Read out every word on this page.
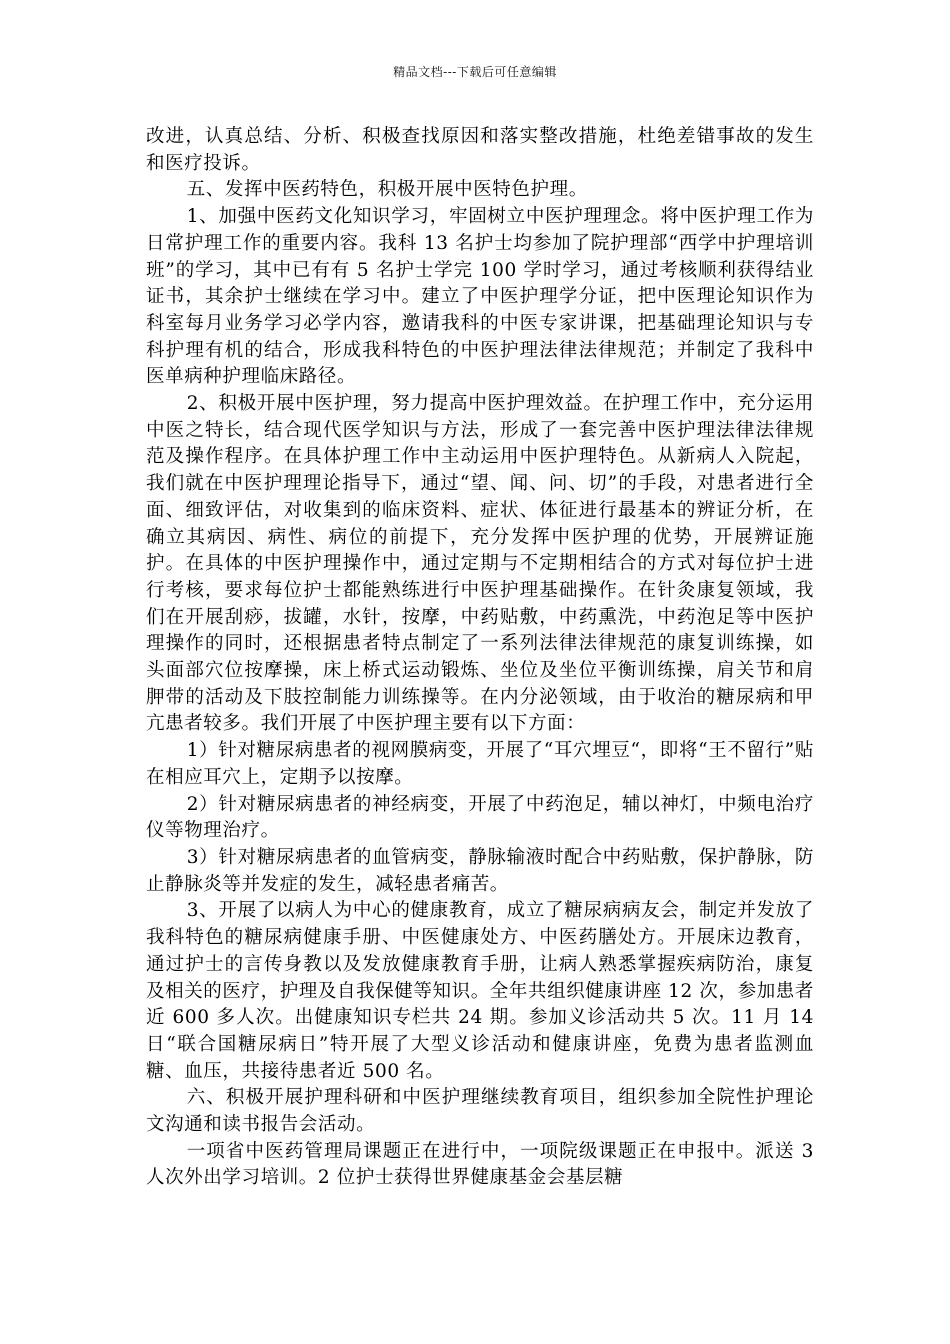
精品文档---下载后可任意编辑

改进，认真总结、分析、积极查找原因和落实整改措施，杜绝差错事故的发生和医疗投诉。

五、发挥中医药特色，积极开展中医特色护理。

1、加强中医药文化知识学习，牢固树立中医护理理念。将中医护理工作为日常护理工作的重要内容。我科 13 名护士均参加了院护理部“西学中护理培训班”的学习，其中已有有 5 名护士学完 100 学时学习，通过考核顺利获得结业证书，其余护士继续在学习中。建立了中医护理学分证，把中医理论知识作为科室每月业务学习必学内容，邀请我科的中医专家讲课，把基础理论知识与专科护理有机的结合，形成我科特色的中医护理法律法律规范；并制定了我科中医单病种护理临床路径。

2、积极开展中医护理，努力提高中医护理效益。在护理工作中，充分运用中医之特长，结合现代医学知识与方法，形成了一套完善中医护理法律法律规范及操作程序。在具体护理工作中主动运用中医护理特色。从新病人入院起，我们就在中医护理理论指导下，通过“望、闻、问、切”的手段，对患者进行全面、细致评估，对收集到的临床资料、症状、体征进行最基本的辨证分析，在确立其病因、病性、病位的前提下，充分发挥中医护理的优势，开展辨证施护。在具体的中医护理操作中，通过定期与不定期相结合的方式对每位护士进行考核，要求每位护士都能熟练进行中医护理基础操作。在针灸康复领域，我们在开展刮痧，拔罐，水针，按摩，中药贴敷，中药熏洗，中药泡足等中医护理操作的同时，还根据患者特点制定了一系列法律法律规范的康复训练操，如头面部穴位按摩操，床上桥式运动锻炼、坐位及坐位平衡训练操，肩关节和肩胛带的活动及下肢控制能力训练操等。在内分泌领域，由于收治的糖尿病和甲亢患者较多。我们开展了中医护理主要有以下方面：

1）针对糖尿病患者的视网膜病变，开展了“耳穴埋豆“，即将“王不留行”贴在相应耳穴上，定期予以按摩。

2）针对糖尿病患者的神经病变，开展了中药泡足，辅以神灯，中频电治疗仪等物理治疗。

3）针对糖尿病患者的血管病变，静脉输液时配合中药贴敷，保护静脉，防止静脉炎等并发症的发生，减轻患者痛苦。

3、开展了以病人为中心的健康教育，成立了糖尿病病友会，制定并发放了我科特色的糖尿病健康手册、中医健康处方、中医药膳处方。开展床边教育，通过护士的言传身教以及发放健康教育手册，让病人熟悉掌握疾病防治，康复及相关的医疗，护理及自我保健等知识。全年共组织健康讲座 12 次，参加患者近 600 多人次。出健康知识专栏共 24 期。参加义诊活动共 5 次。11 月 14 日“联合国糖尿病日”特开展了大型义诊活动和健康讲座，免费为患者监测血糖、血压，共接待患者近 500 名。

六、积极开展护理科研和中医护理继续教育项目，组织参加全院性护理论文沟通和读书报告会活动。

一项省中医药管理局课题正在进行中，一项院级课题正在申报中。派送 3 人次外出学习培训。2 位护士获得世界健康基金会基层糖
